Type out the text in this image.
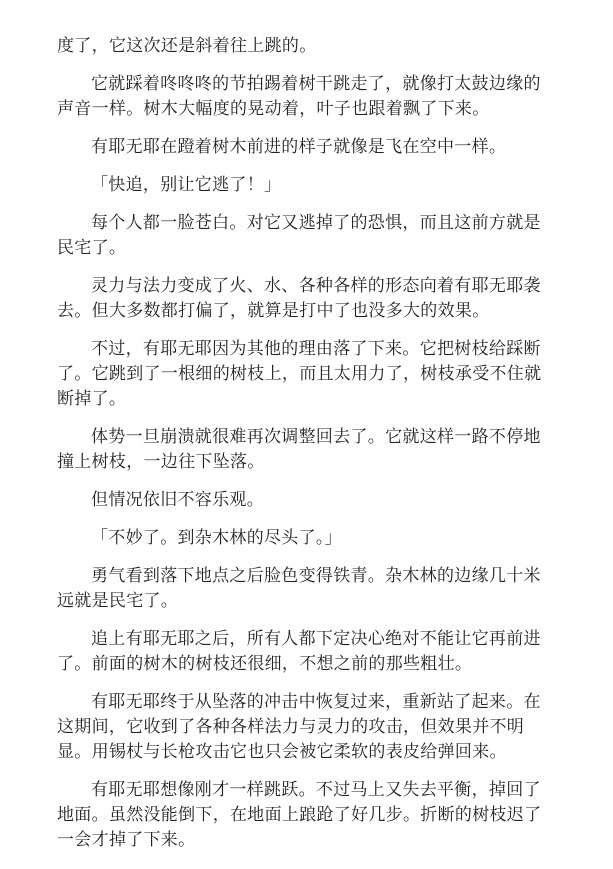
度了，它这次还是斜着往上跳的。

它就踩着咚咚咚的节拍踢着树干跳走了，就像打太鼓边缘的声音一样。树木大幅度的晃动着，叶子也跟着飘了下来。

有耶无耶在蹬着树木前进的样子就像是飞在空中一样。

「快追，别让它逃了！」

每个人都一脸苍白。对它又逃掉了的恐惧，而且这前方就是民宅了。

灵力与法力变成了火、水、各种各样的形态向着有耶无耶袭去。但大多数都打偏了，就算是打中了也没多大的效果。

不过，有耶无耶因为其他的理由落了下来。它把树枝给踩断了。它跳到了一根细的树枝上，而且太用力了，树枝承受不住就断掉了。

体势一旦崩溃就很难再次调整回去了。它就这样一路不停地撞上树枝，一边往下坠落。

但情况依旧不容乐观。

「不妙了。到杂木林的尽头了。」

勇气看到落下地点之后脸色变得铁青。杂木林的边缘几十米远就是民宅了。

追上有耶无耶之后，所有人都下定决心绝对不能让它再前进了。前面的树木的树枝还很细，不想之前的那些粗壮。

有耶无耶终于从坠落的冲击中恢复过来，重新站了起来。在这期间，它收到了各种各样法力与灵力的攻击，但效果并不明显。用锡杖与长枪攻击它也只会被它柔软的表皮给弹回来。

有耶无耶想像刚才一样跳跃。不过马上又失去平衡，掉回了地面。虽然没能倒下，在地面上踉跄了好几步。折断的树枝迟了一会才掉了下来。
